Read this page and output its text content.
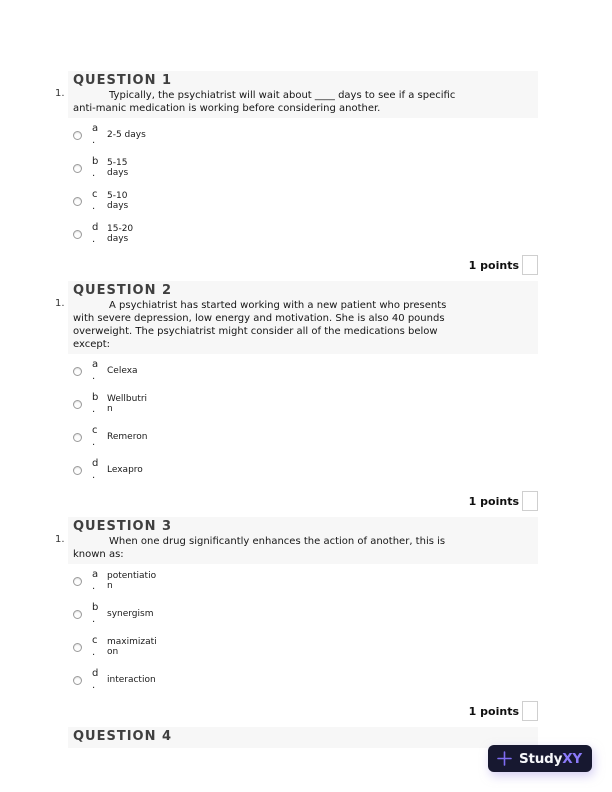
1.
QUESTION 1

Typically, the psychiatrist will wait about ____ days to see if a specific

anti-manic medication is working before considering another.

a
.
2-5 days
b
.
5-15
days
c
.
5-10
days
d
.
15-20
days
1 points
1.
QUESTION 2

A psychiatrist has started working with a new patient who presents

with severe depression, low energy and motivation. She is also 40 pounds

overweight. The psychiatrist might consider all of the medications below

except:

a
.
Celexa
b
.
Wellbutri
n
c
.
Remeron
d
.
Lexapro
1 points
1.
QUESTION 3

When one drug significantly enhances the action of another, this is

known as:

a
.
potentiatio
n
b
.
synergism
c
.
maximizati
on
d
.
interaction
1 points
QUESTION 4
StudyXY
